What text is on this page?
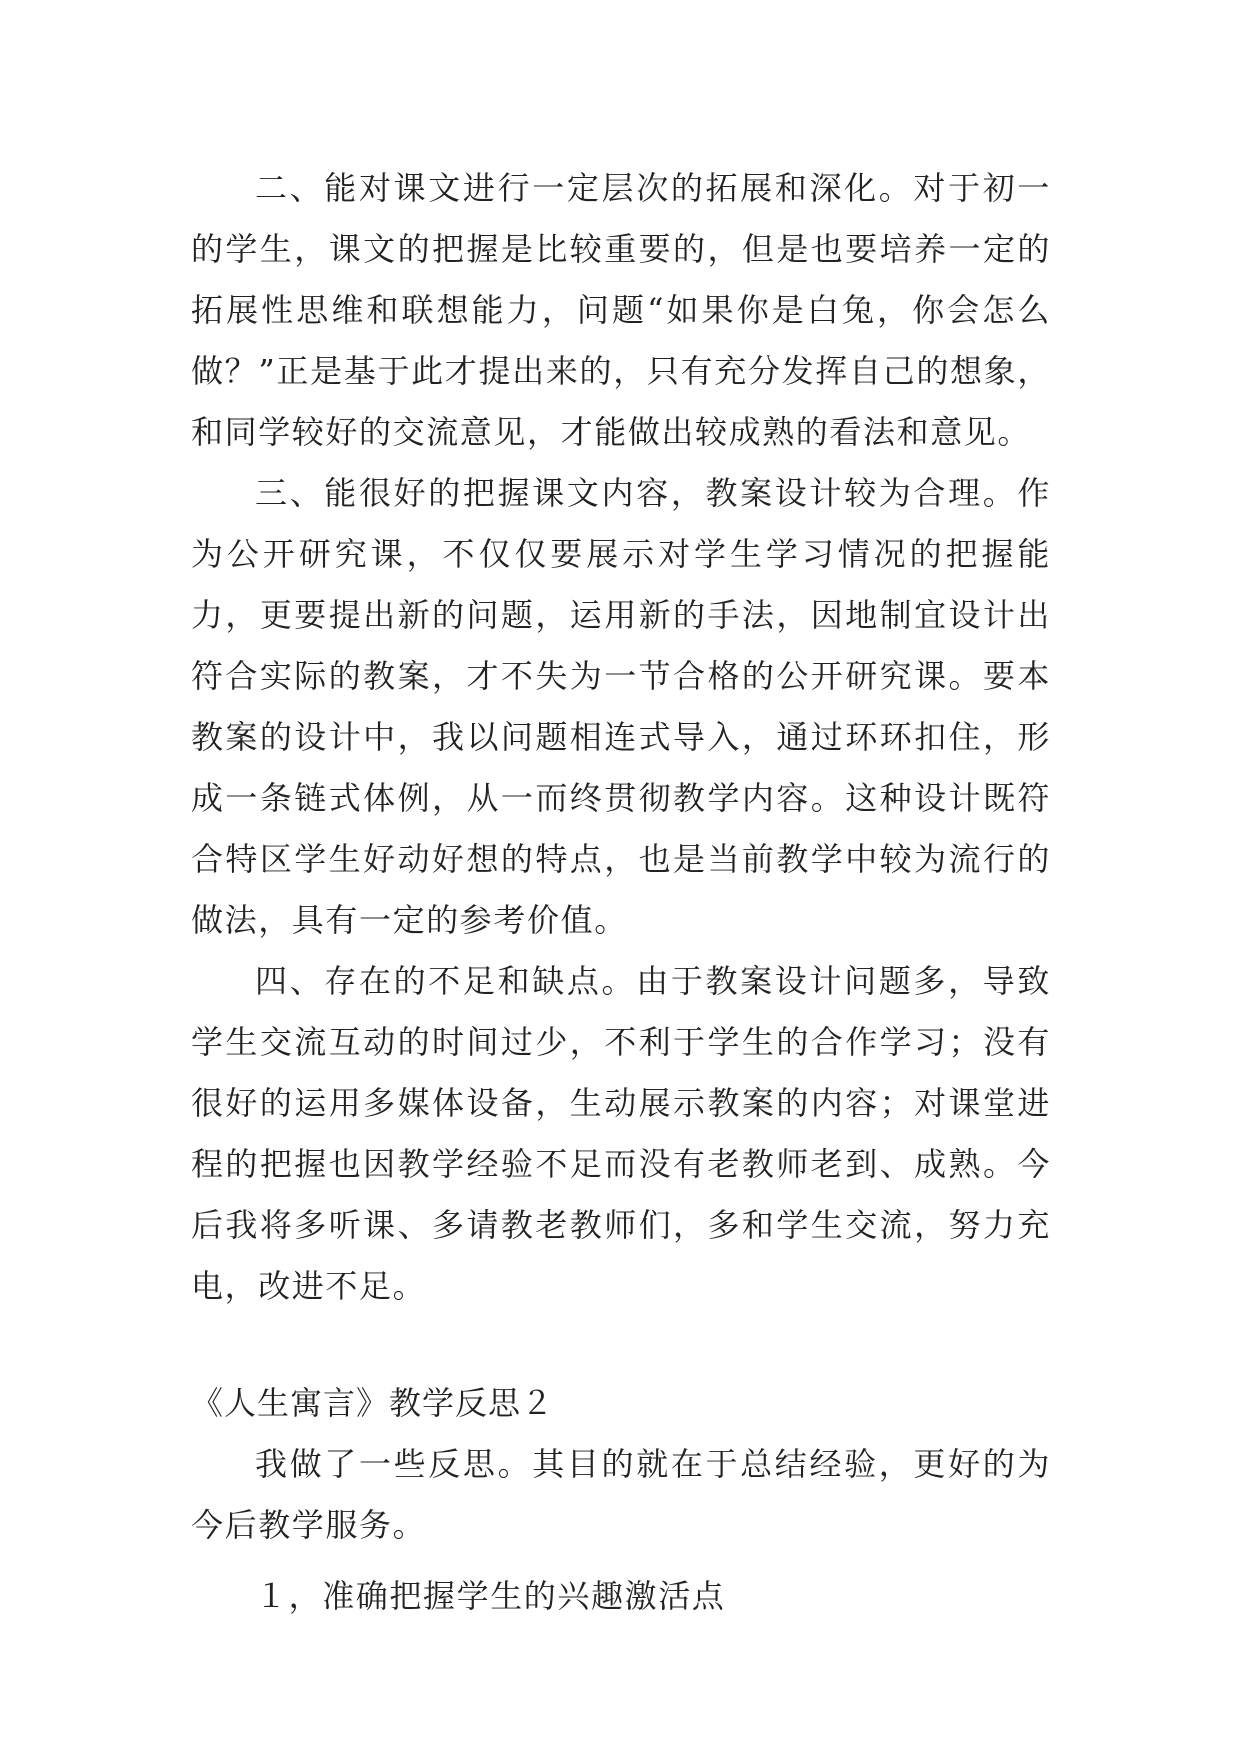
二、能对课文进行一定层次的拓展和深化。对于初一的学生，课文的把握是比较重要的，但是也要培养一定的拓展性思维和联想能力，问题“如果你是白兔，你会怎么做？”正是基于此才提出来的，只有充分发挥自己的想象，和同学较好的交流意见，才能做出较成熟的看法和意见。

三、能很好的把握课文内容，教案设计较为合理。作为公开研究课，不仅仅要展示对学生学习情况的把握能力，更要提出新的问题，运用新的手法，因地制宜设计出符合实际的教案，才不失为一节合格的公开研究课。要本教案的设计中，我以问题相连式导入，通过环环扣住，形成一条链式体例，从一而终贯彻教学内容。这种设计既符合特区学生好动好想的特点，也是当前教学中较为流行的做法，具有一定的参考价值。

四、存在的不足和缺点。由于教案设计问题多，导致学生交流互动的时间过少，不利于学生的合作学习；没有很好的运用多媒体设备，生动展示教案的内容；对课堂进程的把握也因教学经验不足而没有老教师老到、成熟。今后我将多听课、多请教老教师们，多和学生交流，努力充电，改进不足。

《人生寓言》教学反思２

我做了一些反思。其目的就在于总结经验，更好的为今后教学服务。

１，准确把握学生的兴趣激活点
